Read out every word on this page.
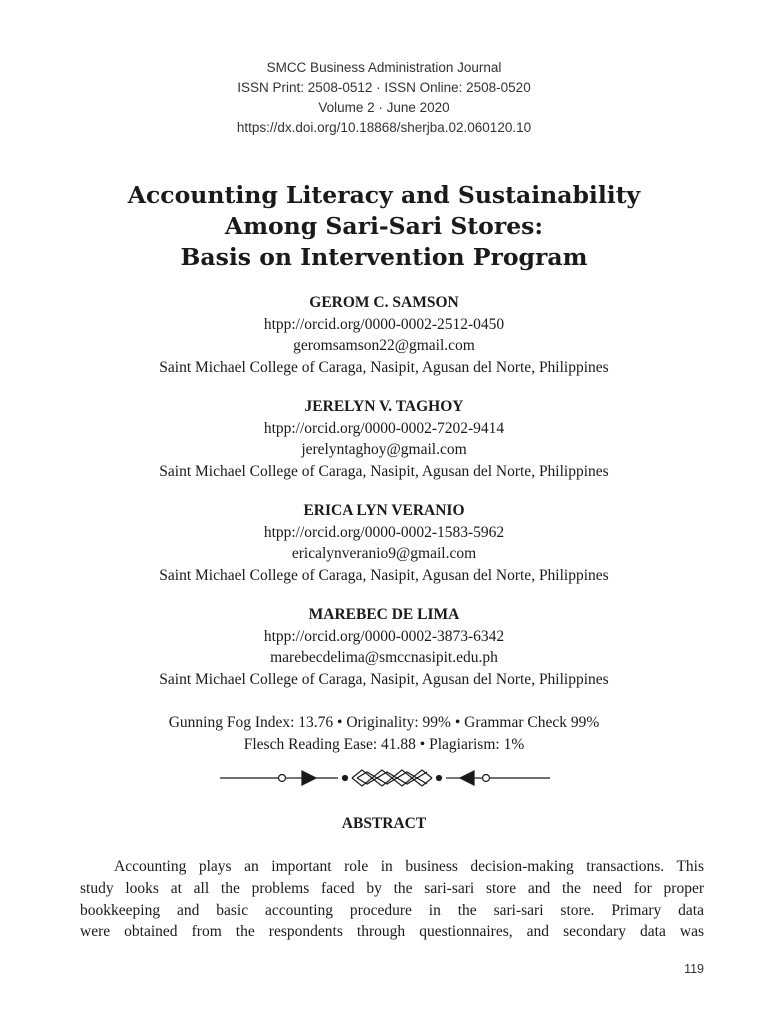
SMCC Business Administration Journal
ISSN Print: 2508-0512 · ISSN Online: 2508-0520
Volume 2 · June 2020
https://dx.doi.org/10.18868/sherjba.02.060120.10
Accounting Literacy and Sustainability
Among Sari-Sari Stores:
Basis on Intervention Program
GEROM C. SAMSON
htpp://orcid.org/0000-0002-2512-0450
geromsamson22@gmail.com
Saint Michael College of Caraga, Nasipit, Agusan del Norte, Philippines
JERELYN V. TAGHOY
htpp://orcid.org/0000-0002-7202-9414
jerelyntaghoy@gmail.com
Saint Michael College of Caraga, Nasipit, Agusan del Norte, Philippines
ERICA LYN VERANIO
htpp://orcid.org/0000-0002-1583-5962
ericalynveranio9@gmail.com
Saint Michael College of Caraga, Nasipit, Agusan del Norte, Philippines
MAREBEC DE LIMA
htpp://orcid.org/0000-0002-3873-6342
marebecdelima@smccnasipit.edu.ph
Saint Michael College of Caraga, Nasipit, Agusan del Norte, Philippines
Gunning Fog Index: 13.76 • Originality: 99% • Grammar Check 99%
Flesch Reading Ease: 41.88 • Plagiarism: 1%
ABSTRACT
Accounting plays an important role in business decision-making transactions. This
study looks at all the problems faced by the sari-sari store and the need for proper
bookkeeping and basic accounting procedure in the sari-sari store. Primary data
were obtained from the respondents through questionnaires, and secondary data was
119
